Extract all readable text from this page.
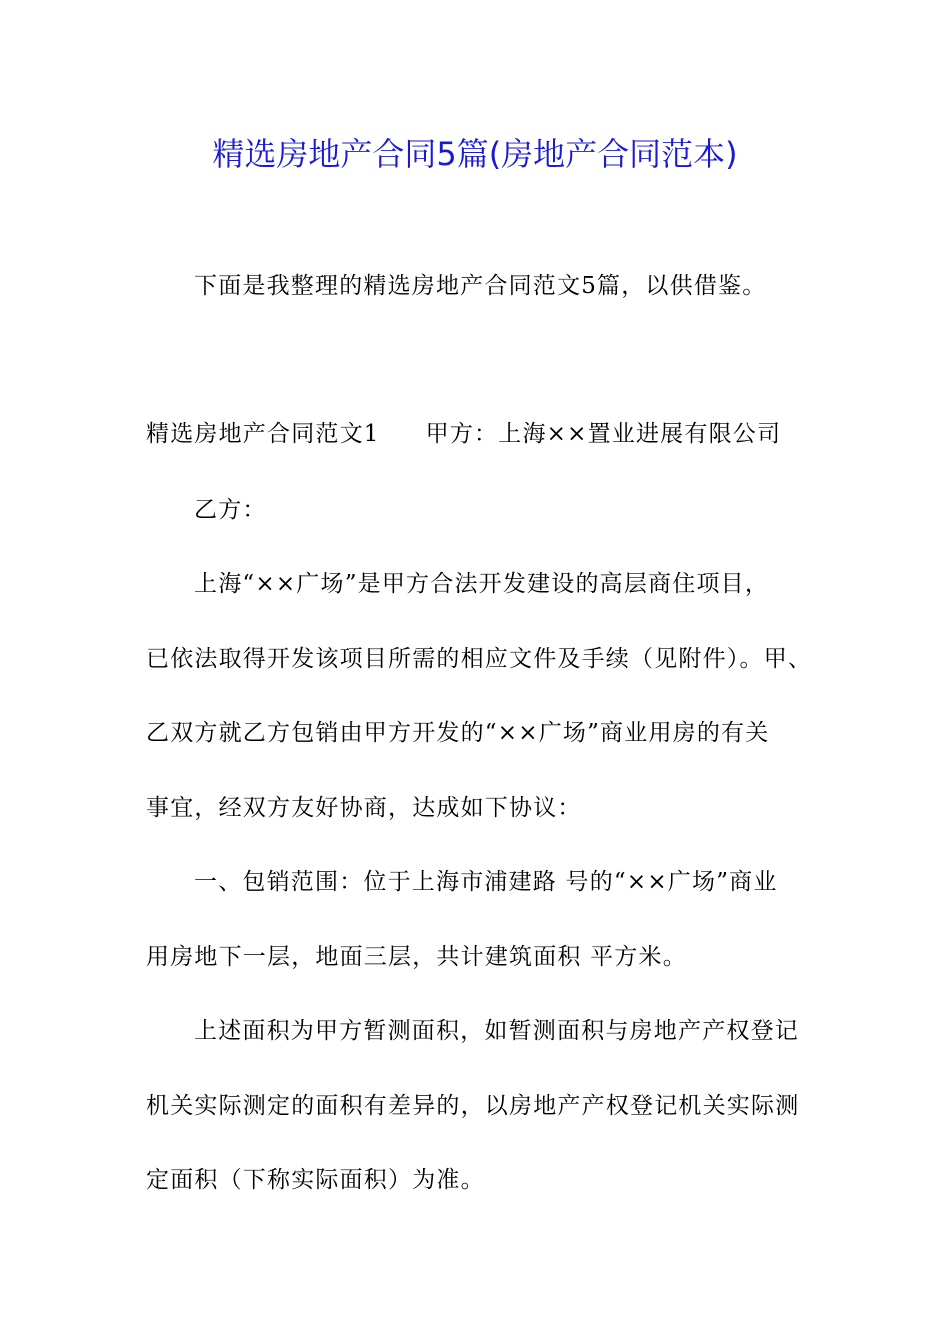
精选房地产合同5篇(房地产合同范本)
下面是我整理的精选房地产合同范文5篇，以供借鉴。
精选房地产合同范文1 甲方：上海××置业进展有限公司
乙方：
上海“××广场”是甲方合法开发建设的高层商住项目，
已依法取得开发该项目所需的相应文件及手续（见附件）。甲、
乙双方就乙方包销由甲方开发的“××广场”商业用房的有关
事宜，经双方友好协商，达成如下协议：
一、包销范围：位于上海市浦建路 号的“××广场”商业
用房地下一层，地面三层，共计建筑面积 平方米。
上述面积为甲方暂测面积，如暂测面积与房地产产权登记
机关实际测定的面积有差异的，以房地产产权登记机关实际测
定面积（下称实际面积）为准。
